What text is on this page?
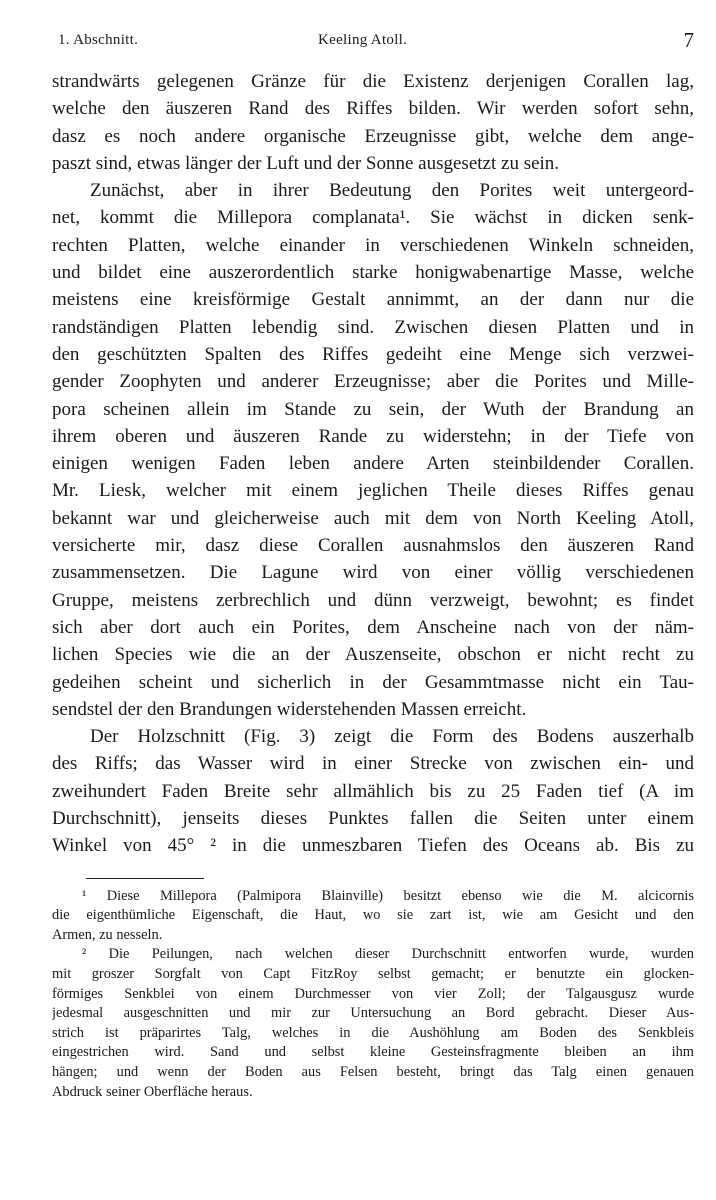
1. Abschnitt.	Keeling Atoll.	7
strandwärts gelegenen Gränze für die Existenz derjenigen Corallen lag,
welche den äuszeren Rand des Riffes bilden. Wir werden sofort sehn,
dasz es noch andere organische Erzeugnisse gibt, welche dem ange-
paszt sind, etwas länger der Luft und der Sonne ausgesetzt zu sein.
Zunächst, aber in ihrer Bedeutung den Porites weit untergeord-
net, kommt die Millepora complanata¹. Sie wächst in dicken senk-
rechten Platten, welche einander in verschiedenen Winkeln schneiden,
und bildet eine auszerordentlich starke honigwabenartige Masse, welche
meistens eine kreisförmige Gestalt annimmt, an der dann nur die
randständigen Platten lebendig sind. Zwischen diesen Platten und in
den geschützten Spalten des Riffes gedeiht eine Menge sich verzwei-
gender Zoophyten und anderer Erzeugnisse; aber die Porites und Mille-
pora scheinen allein im Stande zu sein, der Wuth der Brandung an
ihrem oberen und äuszeren Rande zu widerstehn; in der Tiefe von
einigen wenigen Faden leben andere Arten steinbildender Corallen.
Mr. Liesk, welcher mit einem jeglichen Theile dieses Riffes genau
bekannt war und gleicherweise auch mit dem von North Keeling Atoll,
versicherte mir, dasz diese Corallen ausnahmslos den äuszeren Rand
zusammensetzen. Die Lagune wird von einer völlig verschiedenen
Gruppe, meistens zerbrechlich und dünn verzweigt, bewohnt; es findet
sich aber dort auch ein Porites, dem Anscheine nach von der näm-
lichen Species wie die an der Auszenseite, obschon er nicht recht zu
gedeihen scheint und sicherlich in der Gesammtmasse nicht ein Tau-
sendstel der den Brandungen widerstehenden Massen erreicht.
Der Holzschnitt (Fig. 3) zeigt die Form des Bodens auszerhalb
des Riffs; das Wasser wird in einer Strecke von zwischen ein- und
zweihundert Faden Breite sehr allmählich bis zu 25 Faden tief (A im
Durchschnitt), jenseits dieses Punktes fallen die Seiten unter einem
Winkel von 45° ² in die unmeszbaren Tiefen des Oceans ab. Bis zu
¹ Diese Millepora (Palmipora Blainville) besitzt ebenso wie die M. alcicornis
die eigenthümliche Eigenschaft, die Haut, wo sie zart ist, wie am Gesicht und den
Armen, zu nesseln.
² Die Peilungen, nach welchen dieser Durchschnitt entworfen wurde, wurden
mit groszer Sorgfalt von Capt FitzRoy selbst gemacht; er benutzte ein glocken-
förmiges Senkblei von einem Durchmesser von vier Zoll; der Talgausgusz wurde
jedesmal ausgeschnitten und mir zur Untersuchung an Bord gebracht. Dieser Aus-
strich ist präparirtes Talg, welches in die Aushöhlung am Boden des Senkbleis
eingestrichen wird. Sand und selbst kleine Gesteinsfragmente bleiben an ihm
hängen; und wenn der Boden aus Felsen besteht, bringt das Talg einen genauen
Abdruck seiner Oberfläche heraus.
